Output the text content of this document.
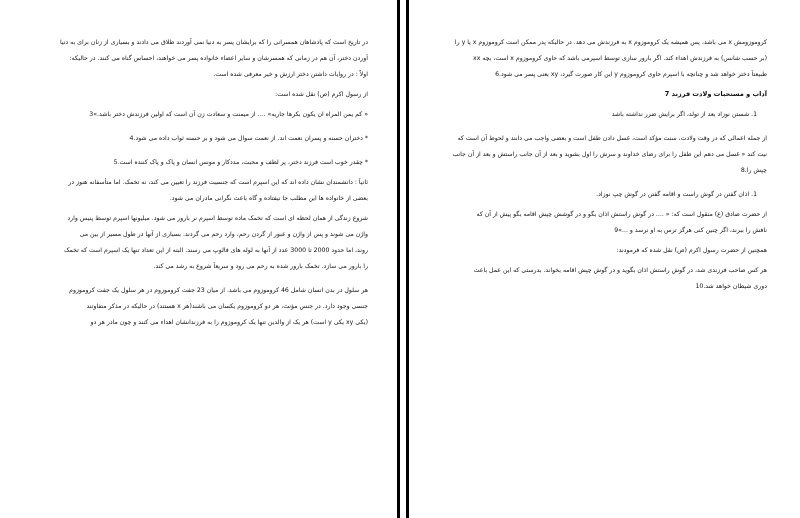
در تاریخ است که پادشاهان همسرانی را که برایشان پسر به دنیا نمی آوردند طلاق می دادند و بسیاری از زنان برای به دنیا
آوردن دختر، آن هم در زمانی که همسرشان و سایر اعضاء خانواده پسر می خواهند، احساس گناه می کنند. در حالیکه:
اولاً : در روایات داشتن دختر ارزش و خیر معرفی شده است.
از رسول اکرم (ص) نقل شده است:
« کم یمن المراه ان یکون بکرها جاریه» .... از میمنت و سعادت زن آن است که اولین فرزندش دختر باشد.»3
* دختران حسنه و پسران نعمت اند. از نعمت سوال می شود و بر حسنه ثواب داده می شود.4
* چقدر خوب است فرزند دختر، پر لطف و محبت، مددکار و مونس انسان و پاک و پاک کننده است.5
ثانیاً : دانشمندان نشان داده اند که این اسپرم است که جنسیت فرزند را تعیین می کند، نه تخمک. اما متأسفانه هنوز در
بعضی از خانواده ها این مطلب جا نیفتاده و گاه باعث نگرانی مادران می شود.
شروع زندگی از همان لحظه ای است که تخمک ماده توسط اسپرم نر بارور می شود. میلیونها اسپرم توسط پنیس وارد
واژن می شوند و پس از واژن و عبور از گردن رحم، وارد رحم می گردند. بسیاری از آنها در طول مسیر از بین می
روند، اما حدود 2000 تا 3000 عدد از آنها به لوله های فالوپ می رسند. البته از این تعداد تنها یک اسپرم است که تخمک
را بارور می سازد. تخمک بارور شده به رحم می رود و سریعاً شروع به رشد می کند.
هر سلول در بدن انسان شامل 46 کروموزوم می باشد. از میان 23 جفت کروموزوم در هر سلول یک جفت کروموزوم
جنسی وجود دارد. در جنس مؤنث، هر دو کروموزوم یکسان می باشند(هر x هستند) در حالیکه در مذکر متفاوتند
(یکی xy یکی y است) هر یک از والدین تنها یک کروموزوم را به فرزندانشان اهداء می کنند و چون مادر هر دو
کروموزومش x می باشد، پس همیشه یک کروموزوم x به فرزندش می دهد. در حالیکه پدر ممکن است کروموزوم x یا y را
(بر حسب شانس) به فرزندش اهداء کند. اگر بارور سازی توسط اسپرمی باشد که حاوی کروموزوم x است، بچه xx
طبیعتاً دختر خواهد شد و چنانچه با اسپرم حاوی کروموزوم y این کار صورت گیرد، xy یعنی پسر می شود.6
آداب و مستحبات ولادت فرزند 7
1. شستن نوزاد بعد از تولد، اگر برایش ضرر نداشته باشد
از جمله اعمالی که در وقت ولادت، سنت مؤکد است، غسل دادن طفل است و بعضی واجب می دانند و لحوط آن است که
نیت کند « غسل می دهم این طفل را برای رضای خداوند و سرش را اول بشوید و بعد از آن جانب راستش و بعد از آن جانب
چپش را.8
1. اذان گفتن در گوش راست و اقامه گفتن در گوش چپ نوزاد.
از حضرت صادق (ع) منقول است که: « .... در گوش راستش اذان بگو و در گوشش چپش اقامه بگو پیش از آن که
نافش را ببرند، اگر چنین کنی هرگز ترس به او نرسد و ...»9
همچنین از حضرت رسول اکرم (ص) نقل شده که فرمودند:
هر کس صاحب فرزندی شد، در گوش راستش اذان بگوید و در گوش چپش اقامه بخواند. بدرستی که این عمل باعث
دوری شیطان خواهد شد.10
